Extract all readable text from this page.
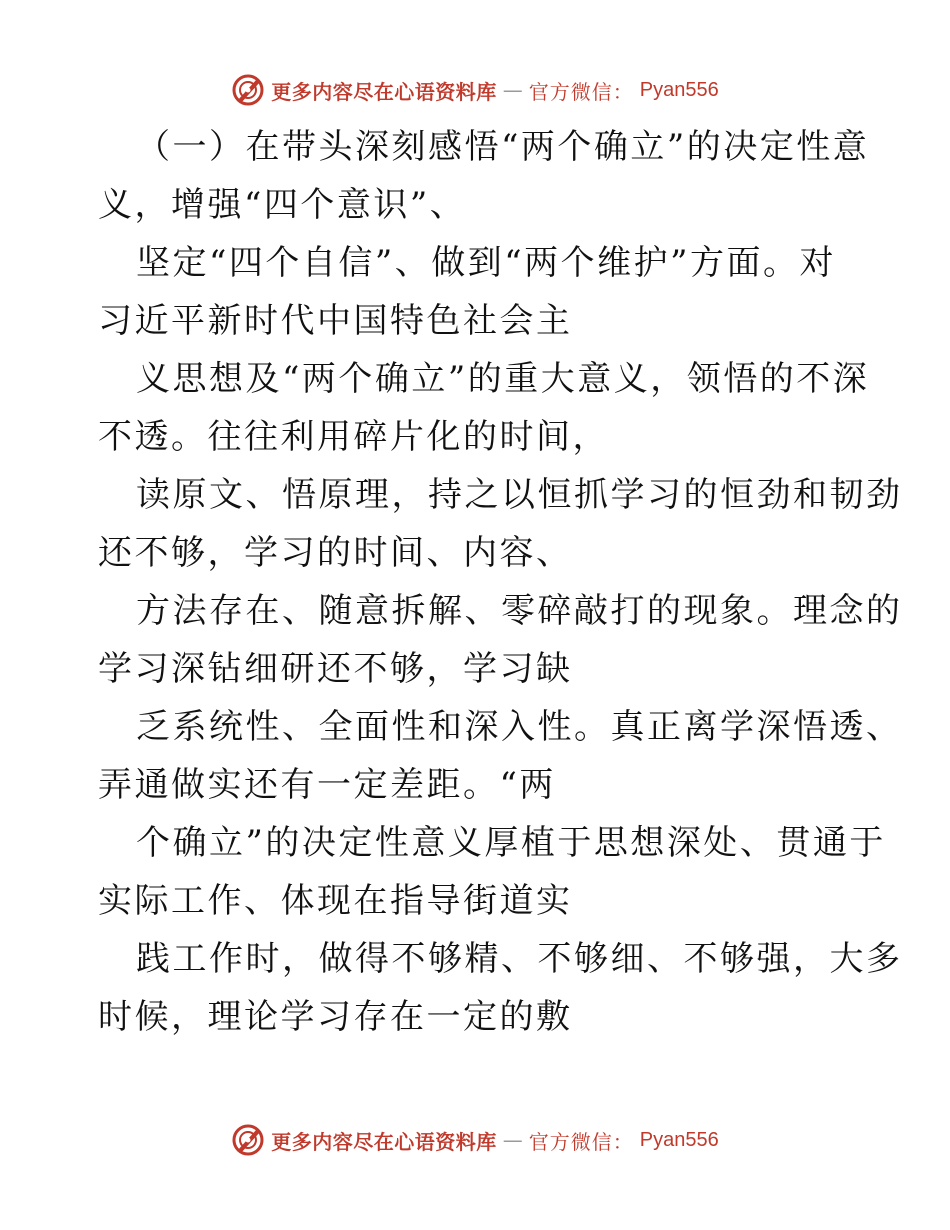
更多内容尽在心语资料库 — 官方微信： Pyan556
（一）在带头深刻感悟“两个确立”的决定性意
义，增强“四个意识”、
坚定“四个自信”、做到“两个维护”方面。对
习近平新时代中国特色社会主
义思想及“两个确立”的重大意义，领悟的不深
不透。往往利用碎片化的时间，
读原文、悟原理，持之以恒抓学习的恒劲和韧劲
还不够，学习的时间、内容、
方法存在、随意拆解、零碎敲打的现象。理念的
学习深钻细研还不够，学习缺
乏系统性、全面性和深入性。真正离学深悟透、
弄通做实还有一定差距。“两
个确立”的决定性意义厚植于思想深处、贯通于
实际工作、体现在指导街道实
践工作时，做得不够精、不够细、不够强，大多
时候，理论学习存在一定的敷
更多内容尽在心语资料库 — 官方微信： Pyan556
